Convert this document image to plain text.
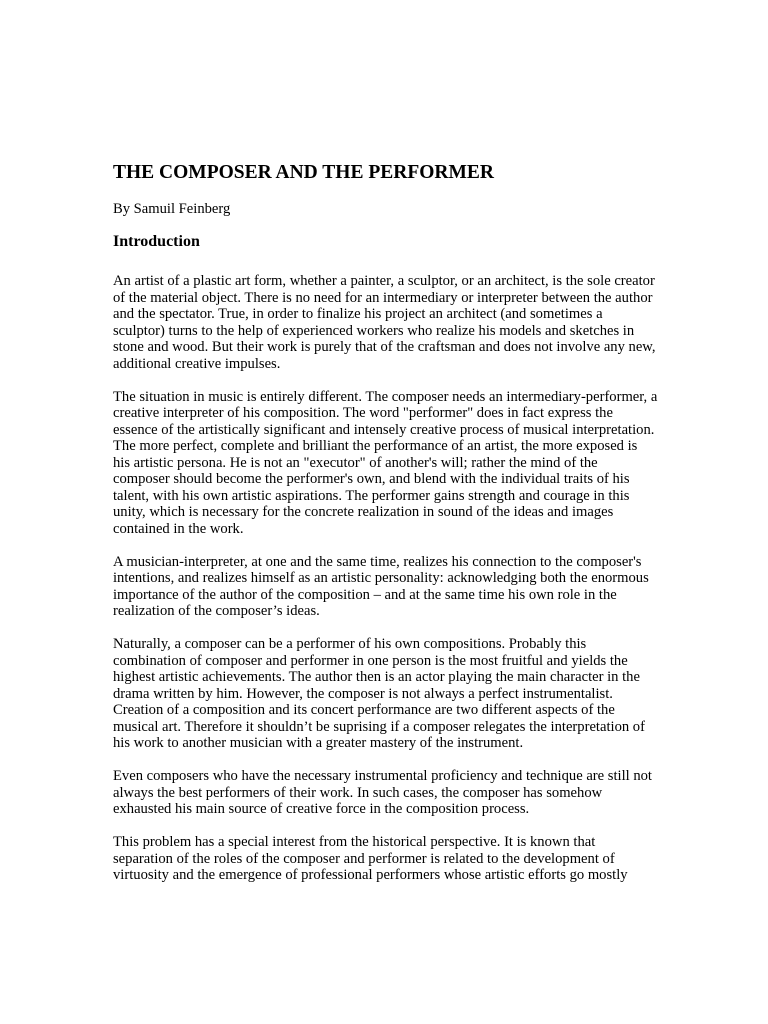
THE COMPOSER AND THE PERFORMER

By Samuil Feinberg

Introduction

An artist of a plastic art form, whether a painter, a sculptor, or an architect, is the sole creator of the material object. There is no need for an intermediary or interpreter between the author and the spectator. True, in order to finalize his project an architect (and sometimes a sculptor) turns to the help of experienced workers who realize his models and sketches in stone and wood. But their work is purely that of the craftsman and does not involve any new, additional creative impulses.

The situation in music is entirely different. The composer needs an intermediary-performer, a creative interpreter of his composition. The word "performer" does in fact express the essence of the artistically significant and intensely creative process of musical interpretation. The more perfect, complete and brilliant the performance of an artist, the more exposed is his artistic persona. He is not an "executor" of another's will; rather the mind of the composer should become the performer's own, and blend with the individual traits of his talent, with his own artistic aspirations. The performer gains strength and courage in this unity, which is necessary for the concrete realization in sound of the ideas and images contained in the work.

A musician-interpreter, at one and the same time, realizes his connection to the composer's intentions, and realizes himself as an artistic personality: acknowledging both the enormous importance of the author of the composition – and at the same time his own role in the realization of the composer’s ideas.

Naturally, a composer can be a performer of his own compositions. Probably this combination of composer and performer in one person is the most fruitful and yields the highest artistic achievements. The author then is an actor playing the main character in the drama written by him. However, the composer is not always a perfect instrumentalist. Creation of a composition and its concert performance are two different aspects of the musical art. Therefore it shouldn’t be suprising if a composer relegates the interpretation of his work to another musician with a greater mastery of the instrument.

Even composers who have the necessary instrumental proficiency and technique are still not always the best performers of their work. In such cases, the composer has somehow exhausted his main source of creative force in the composition process.

This problem has a special interest from the historical perspective. It is known that separation of the roles of the composer and performer is related to the development of virtuosity and the emergence of professional performers whose artistic efforts go mostly
